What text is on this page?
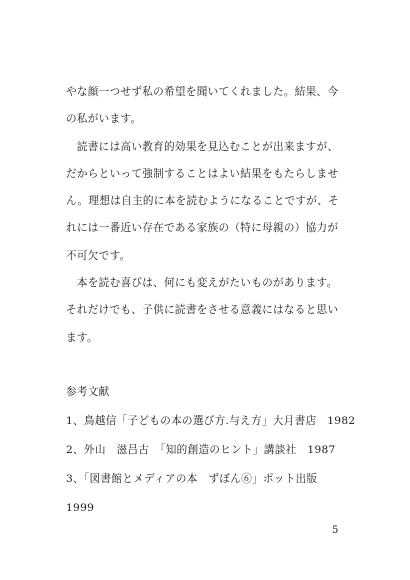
やな顔一つせず私の希望を聞いてくれました。結果、今
の私がいます。
　読書には高い教育的効果を見込むことが出来ますが、
だからといって強制することはよい結果をもたらしませ
ん。理想は自主的に本を読むようになることですが、そ
れには一番近い存在である家族の（特に母親の）協力が
不可欠です。
　本を読む喜びは、何にも変えがたいものがあります。
それだけでも、子供に読書をさせる意義にはなると思い
ます。
参考文献
1、鳥越信「子どもの本の選び方.与え方」大月書店　1982
2、外山　滋吕古　「知的創造のヒント」講談社　1987
3、「図書館とメディアの本　ずぼん⑥」ポット出版
1999
5
